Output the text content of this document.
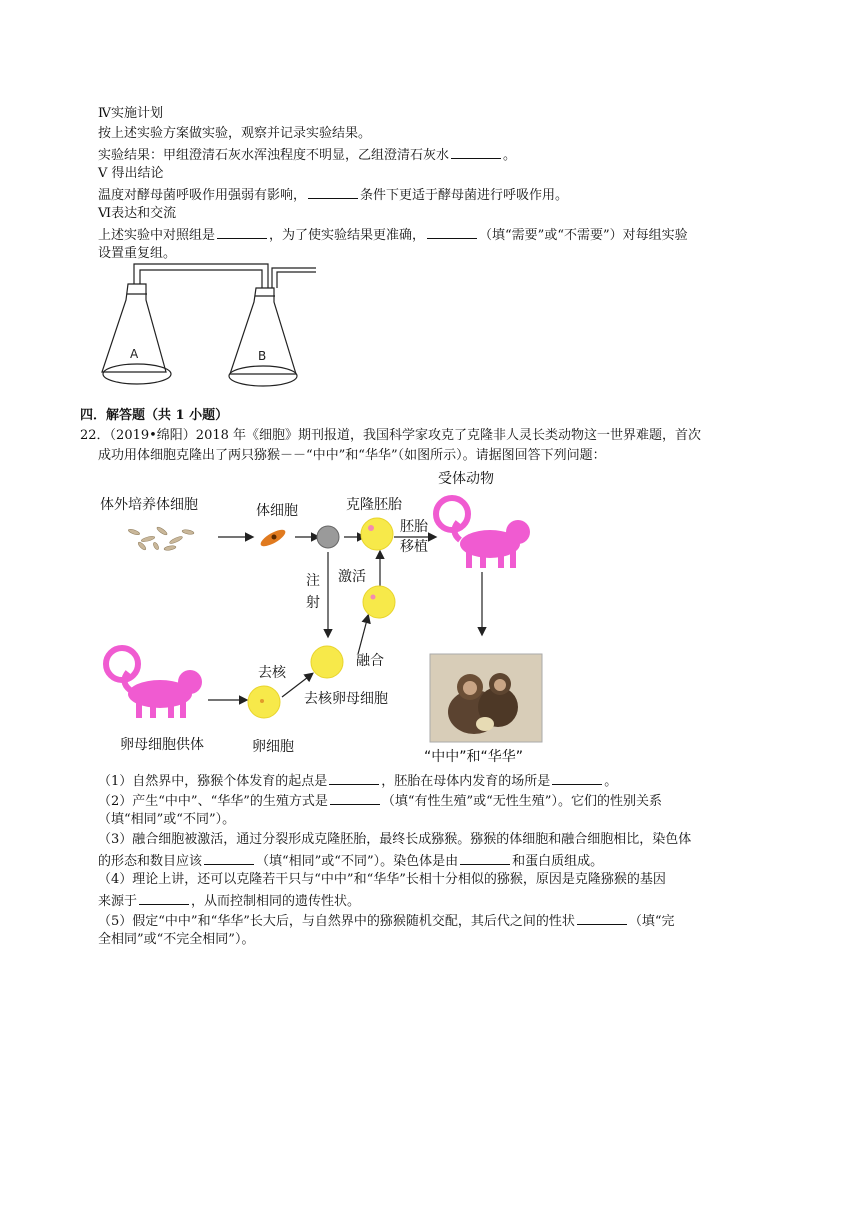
Ⅳ实施计划
按上述实验方案做实验，观察并记录实验结果。
实验结果：甲组澄清石灰水浑浊程度不明显，乙组澄清石灰水	。
V 得出结论
温度对酵母菌呼吸作用强弱有影响，	条件下更适于酵母菌进行呼吸作用。
Ⅵ表达和交流
上述实验中对照组是	，为了使实验结果更准确，	（填“需要”或“不需要”）对每组实验
设置重复组。
A	B
四．解答题（共 1 小题）
22．（2019•绵阳）2018 年《细胞》期刊报道，我国科学家攻克了克隆非人灵长类动物这一世界难题，首次
成功用体细胞克隆出了两只猕猴－－“中中”和“华华”（如图所示）。请据图回答下列问题：
体外培养体细胞	体细胞	克隆胚胎
受体动物
胚胎
移植
注
射
激活
融合
去核
去核卵母细胞
卵母细胞供体	卵细胞
“中中”和“华华”
（1）自然界中，猕猴个体发育的起点是	，胚胎在母体内发育的场所是	。
（2）产生“中中”、“华华”的生殖方式是	（填“有性生殖”或“无性生殖”）。它们的性别关系
（填“相同”或“不同”）。
（3）融合细胞被激活，通过分裂形成克隆胚胎，最终长成猕猴。猕猴的体细胞和融合细胞相比，染色体
的形态和数目应该	（填“相同”或“不同”）。染色体是由	和蛋白质组成。
（4）理论上讲，还可以克隆若干只与“中中”和“华华”长相十分相似的猕猴，原因是克隆猕猴的基因
来源于	，从而控制相同的遗传性状。
（5）假定“中中”和“华华”长大后，与自然界中的猕猴随机交配，其后代之间的性状	（填“完
全相同”或“不完全相同”）。
